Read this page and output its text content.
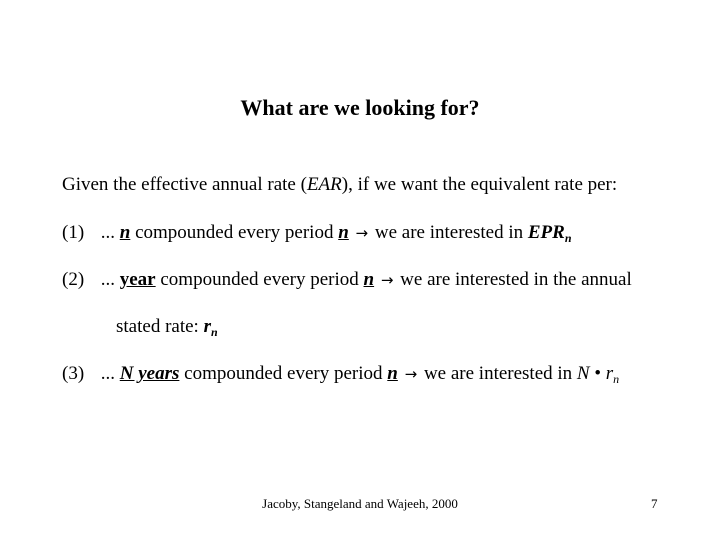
What are we looking for?
Given the effective annual rate (EAR), if we want the equivalent rate per:
(1) ... n compounded every period n → we are interested in $EPR_n$
(2) ... year compounded every period n → we are interested in the annual
stated rate: $r_n$
(3) ... N years compounded every period n → we are interested in N • $r_n$
Jacoby, Stangeland and Wajeeh, 2000	7
